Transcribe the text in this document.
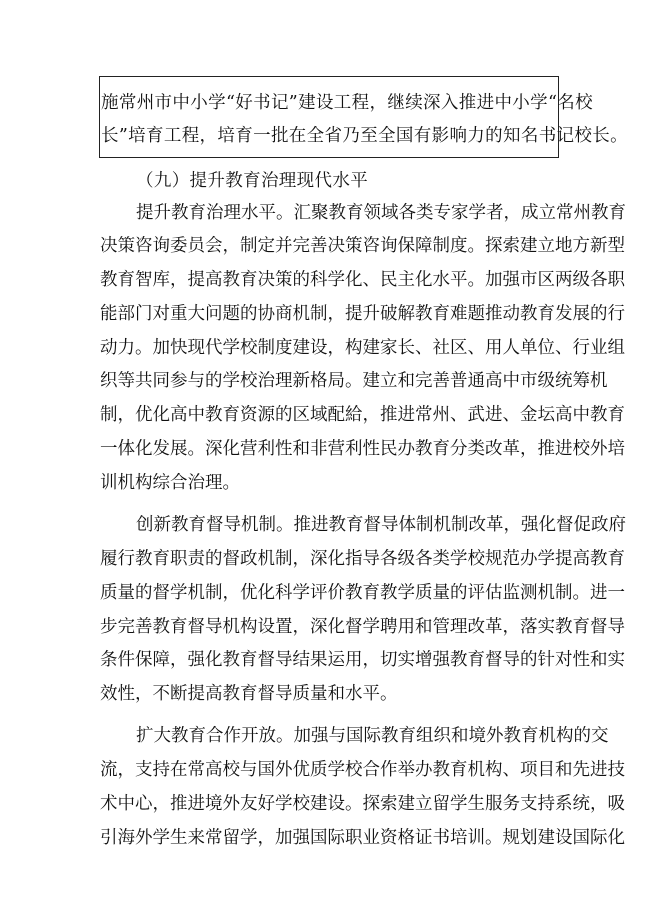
施常州市中小学“好书记”建设工程，继续深入推进中小学“名校
长”培育工程，培育一批在全省乃至全国有影响力的知名书记校长。
（九）提升教育治理现代水平
提升教育治理水平。汇聚教育领域各类专家学者，成立常州教育
决策咨询委员会，制定并完善决策咨询保障制度。探索建立地方新型
教育智库，提高教育决策的科学化、民主化水平。加强市区两级各职
能部门对重大问题的协商机制，提升破解教育难题推动教育发展的行
动力。加快现代学校制度建设，构建家长、社区、用人单位、行业组
织等共同参与的学校治理新格局。建立和完善普通高中市级统筹机
制，优化高中教育资源的区域配給，推进常州、武进、金坛高中教育
一体化发展。深化营利性和非营利性民办教育分类改革，推进校外培
训机构综合治理。
创新教育督导机制。推进教育督导体制机制改革，强化督促政府
履行教育职责的督政机制，深化指导各级各类学校规范办学提高教育
质量的督学机制，优化科学评价教育教学质量的评估监测机制。进一
步完善教育督导机构设置，深化督学聘用和管理改革，落实教育督导
条件保障，强化教育督导结果运用，切实增强教育督导的针对性和实
效性，不断提高教育督导质量和水平。
扩大教育合作开放。加强与国际教育组织和境外教育机构的交
流，支持在常高校与国外优质学校合作举办教育机构、项目和先进技
术中心，推进境外友好学校建设。探索建立留学生服务支持系统，吸
引海外学生来常留学，加强国际职业资格证书培训。规划建设国际化
